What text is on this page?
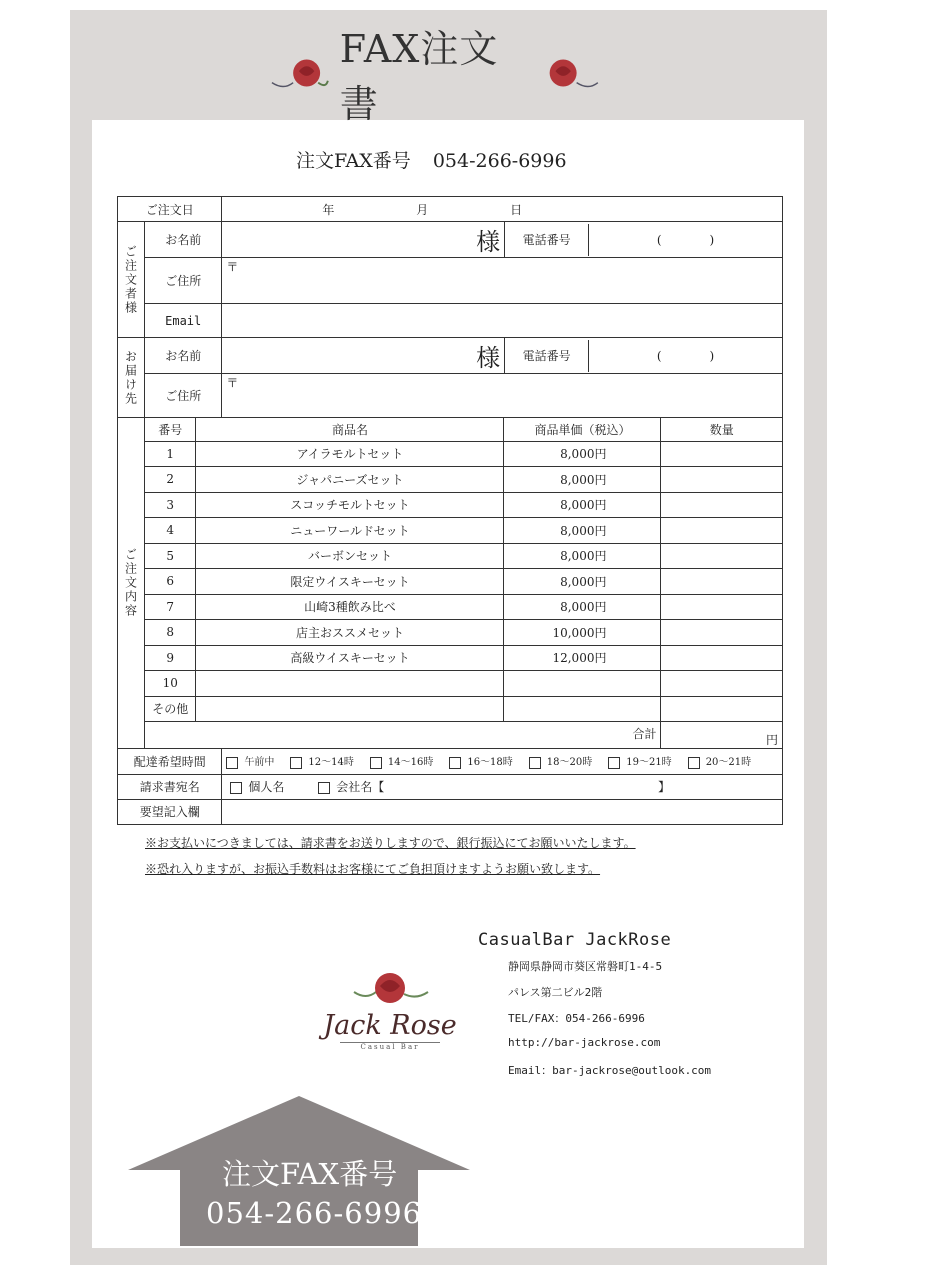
FAX注文書
注文FAX番号 054-266-6996
ご注文日	年	月	日
ご注文者様	お名前	様	電話番号	(　　　　)

ご住所	〒
Email	
お届け先	お名前	様	電話番号	(　　　　)

ご住所	〒
ご注文内容	
番号	商品名	商品単価（税込）	数量
1	アイラモルトセット	8,000円	
2	ジャパニーズセット	8,000円	
3	スコッチモルトセット	8,000円	
4	ニューワールドセット	8,000円	
5	バーボンセット	8,000円	
6	限定ウイスキーセット	8,000円	
7	山崎3種飲み比べ	8,000円	
8	店主おススメセット	10,000円	
9	高級ウイスキーセット	12,000円	
10			
その他			
	合計	円

配達希望時間	午前中	12～14時	14～16時	16～18時	18～20時	19～21時	20～21時
請求書宛名	個人名	会社名【	】
要望記入欄	
※お支払いにつきましては、請求書をお送りしますので、銀行振込にてお願いいたします。
※恐れ入りますが、お振込手数料はお客様にてご負担頂けますようお願い致します。
CasualBar JackRose
静岡県静岡市葵区常磐町1-4-5
パレス第二ビル2階
TEL/FAX：054-266-6996
http://bar-jackrose.com
Email：bar-jackrose@outlook.com
Jack Rose
Casual Bar
注文FAX番号
054-266-6996
